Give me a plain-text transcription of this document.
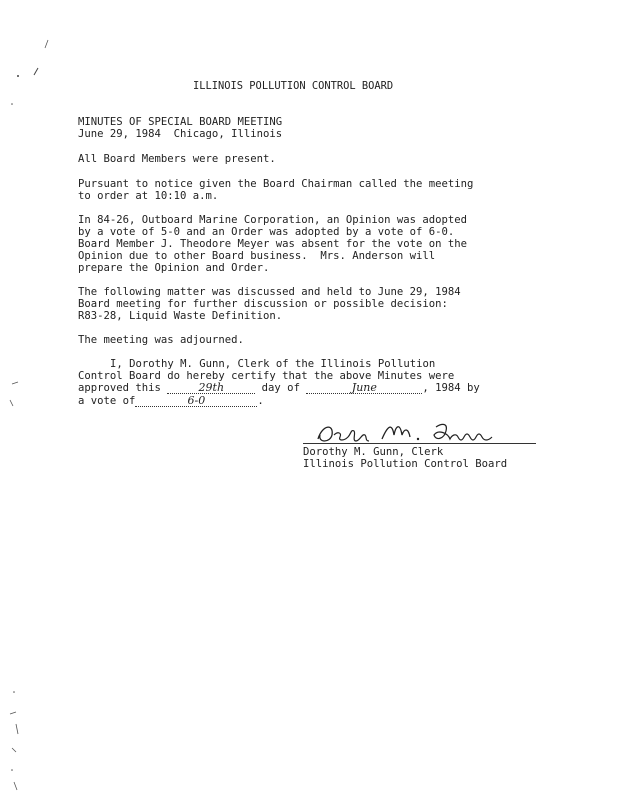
ILLINOIS POLLUTION CONTROL BOARD
MINUTES OF SPECIAL BOARD MEETING
June 29, 1984  Chicago, Illinois
All Board Members were present.
Pursuant to notice given the Board Chairman called the meeting
to order at 10:10 a.m.
In 84-26, Outboard Marine Corporation, an Opinion was adopted
by a vote of 5-0 and an Order was adopted by a vote of 6-0.
Board Member J. Theodore Meyer was absent for the vote on the
Opinion due to other Board business.  Mrs. Anderson will
prepare the Opinion and Order.
The following matter was discussed and held to June 29, 1984
Board meeting for further discussion or possible decision:
R83-28, Liquid Waste Definition.
The meeting was adjourned.
I, Dorothy M. Gunn, Clerk of the Illinois Pollution
Control Board do hereby certify that the above Minutes were
approved this	29th	day of	June	, 1984 by
a vote of	6-0	.
Dorothy M. Gunn, Clerk
Illinois Pollution Control Board
